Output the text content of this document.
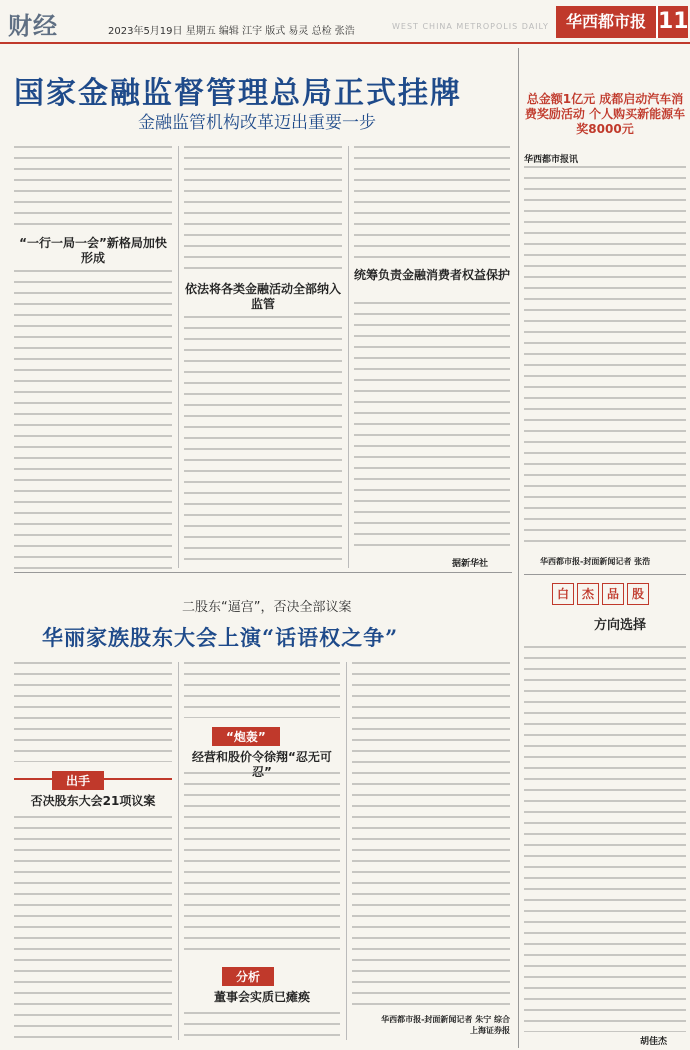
财经	2023年5月19日 星期五 编辑 江宇 版式 易灵 总检 张浩	WEST CHINA METROPOLIS DAILY	华西都市报 11
国家金融监督管理总局正式挂牌
金融监管机构改革迈出重要一步
“一行一局一会”新格局加快形成
依法将各类金融活动全部纳入监管
统筹负责金融消费者权益保护
据新华社
总金额1亿元 成都启动汽车消费奖励活动 个人购买新能源车奖8000元
华西都市报讯
华西都市报-封面新闻记者 张浩
白 杰 品 股
方向选择
胡佳杰
二股东“逼宫”，否决全部议案
华丽家族股东大会上演“话语权之争”
出手
否决股东大会21项议案
“炮轰”
经营和股价令徐翔“忍无可忍”
分析
董事会实质已瘫痪
华西都市报-封面新闻记者 朱宁 综合上海证券报
